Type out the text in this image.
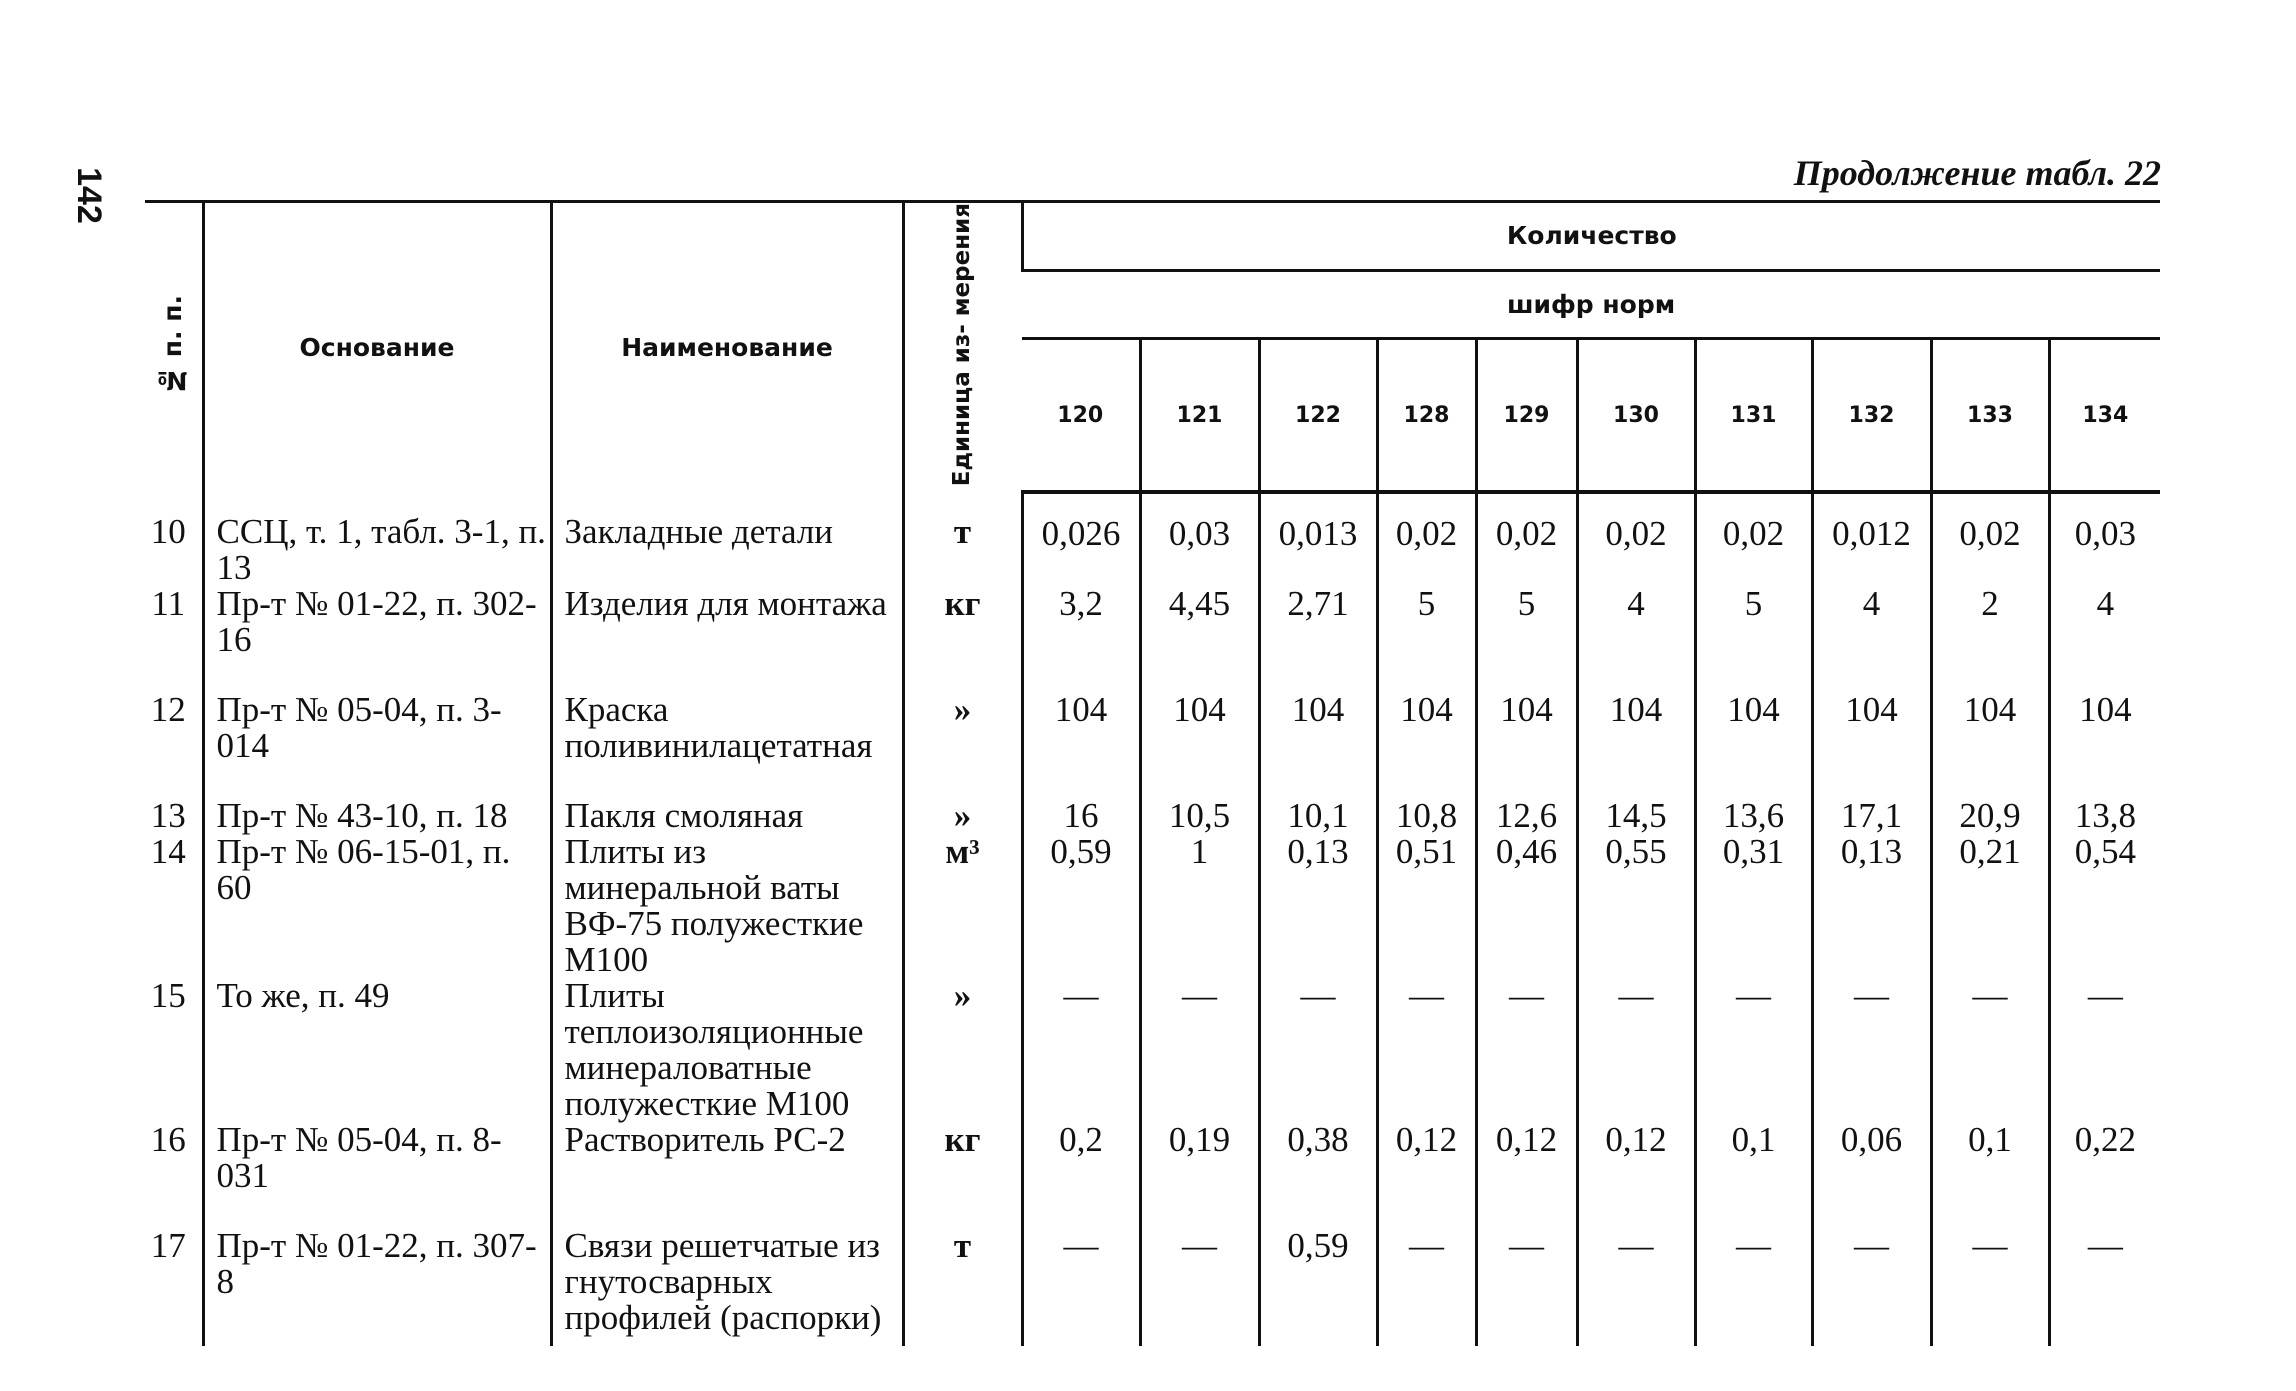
142	Продолжение табл. 22
№ п. п.	Основание	Наименование	Единица из- мерения	Количество									
				шифр норм									
				120	121	122	128	129	130	131	132	133	134
10	ССЦ, т. 1, табл. 3-1, п. 13	Закладные детали	т	0,026	0,03	0,013	0,02	0,02	0,02	0,02	0,012	0,02	0,03
11	Пр-т № 01-22, п. 302-16	Изделия для монтажа	кг	3,2	4,45	2,71	5	5	4	5	4	2	4
12	Пр-т № 05-04, п. 3-014	Краска поливинилацетатная	»	104	104	104	104	104	104	104	104	104	104
13	Пр-т № 43-10, п. 18	Пакля смоляная	»	16	10,5	10,1	10,8	12,6	14,5	13,6	17,1	20,9	13,8
14	Пр-т № 06-15-01, п. 60	Плиты из минеральной ваты ВФ-75 полужесткие М100	м³	0,59	1	0,13	0,51	0,46	0,55	0,31	0,13	0,21	0,54
15	То же, п. 49	Плиты теплоизоляционные минераловатные полужесткие М100	»	—	—	—	—	—	—	—	—	—	—
16	Пр-т № 05-04, п. 8-031	Растворитель РС-2	кг	0,2	0,19	0,38	0,12	0,12	0,12	0,1	0,06	0,1	0,22
17	Пр-т № 01-22, п. 307-8	Связи решетчатые из гнутосварных профилей (распорки)	т	—	—	0,59	—	—	—	—	—	—	—
